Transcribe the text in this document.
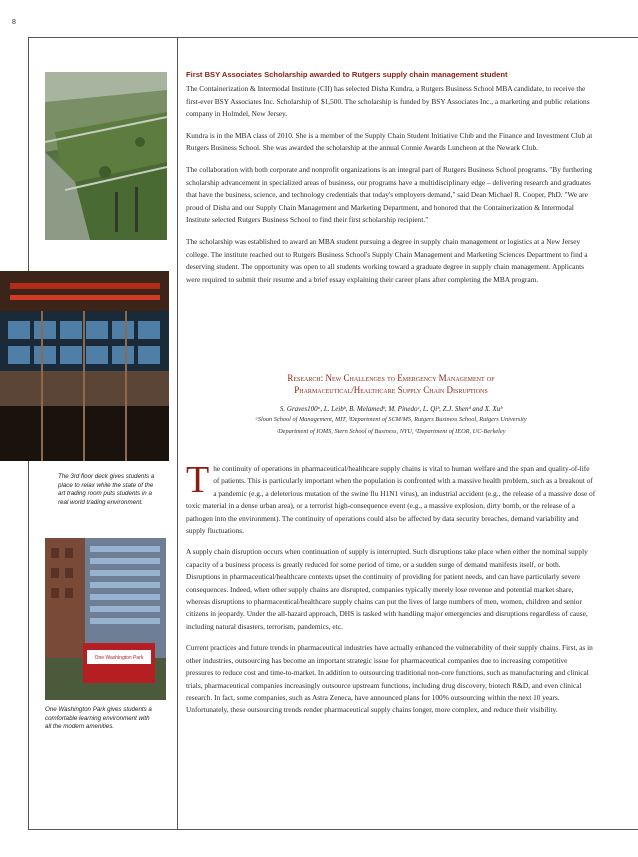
8
The 3rd floor deck gives students a place to relax while the state of the art trading room puts students in a real world trading environment.
One Washington Park
One Washington Park gives students a comfortable learning environment with all the modern amenities.

First BSY Associates Scholarship awarded to Rutgers supply chain management student

The Containerization & Intermodal Institute (CII) has selected Disha Kundra, a Rutgers Business School MBA candidate, to receive the first-ever BSY Associates Inc. Scholarship of $1,500. The scholarship is funded by BSY Associates Inc., a marketing and public relations company in Holmdel, New Jersey.

Kundra is in the MBA class of 2010. She is a member of the Supply Chain Student Initiative Club and the Finance and Investment Club at Rutgers Business School. She was awarded the scholarship at the annual Connie Awards Luncheon at the Newark Club.

The collaboration with both corporate and nonprofit organizations is an integral part of Rutgers Business School programs. "By furthering scholarship advancement in specialized areas of business, our programs have a multidisciplinary edge – delivering research and graduates that have the business, science, and technology credentials that today's employers demand," said Dean Michael R. Cooper, PhD. "We are proud of Disha and our Supply Chain Management and Marketing Department, and honored that the Containerization & Intermodal Institute selected Rutgers Business School to find their first scholarship recipient."

The scholarship was established to award an MBA student pursuing a degree in supply chain management or logistics at a New Jersey college. The institute reached out to Rutgers Business School's Supply Chain Management and Marketing Sciences Department to find a deserving student. The opportunity was open to all students working toward a graduate degree in supply chain management. Applicants were required to submit their resume and a brief essay explaining their career plans after completing the MBA program.

Research: New Challenges to Emergency Management of

Pharmaceutical/Healthcare Supply Chain Disruptions

S. Graves100ᵃ, L. Leibᵇ, B. Melamedᵇ, M. Pinedoᶜ, L. Qiᵇ, Z.J. Shenᵈ and X. Xuᵇ

ᵃSloan School of Management, MIT, ᵇDepartment of SCM/MS, Rutgers Business School, Rutgers University

ᶜDepartment of IOMS, Stern School of Business, NYU, ᵈDepartment of IEOR, UC-Berkeley

The continuity of operations in pharmaceutical/healthcare supply chains is vital to human welfare and the span and quality-of-life of patients. This is particularly important when the population is confronted with a massive health problem, such as a breakout of a pandemic (e.g., a deleterious mutation of the swine flu H1N1 virus), an industrial accident (e.g., the release of a massive dose of toxic material in a dense urban area), or a terrorist high-consequence event (e.g., a massive explosion, dirty bomb, or the release of a pathogen into the environment). The continuity of operations could also be affected by data security breaches, demand variability and supply fluctuations.

A supply chain disruption occurs when continuation of supply is interrupted. Such disruptions take place when either the nominal supply capacity of a business process is greatly reduced for some period of time, or a sudden surge of demand manifests itself, or both. Disruptions in pharmaceutical/healthcare contexts upset the continuity of providing for patient needs, and can have particularly severe consequences. Indeed, when other supply chains are disrupted, companies typically merely lose revenue and potential market share, whereas disruptions to pharmaceutical/healthcare supply chains can put the lives of large numbers of men, women, children and senior citizens in jeopardy. Under the all-hazard approach, DHS is tasked with handling major emergencies and disruptions regardless of cause, including natural disasters, terrorism, pandemics, etc.

Current practices and future trends in pharmaceutical industries have actually enhanced the vulnerability of their supply chains. First, as in other industries, outsourcing has become an important strategic issue for pharmaceutical companies due to increasing competitive pressures to reduce cost and time-to-market. In addition to outsourcing traditional non-core functions, such as manufacturing and clinical trials, pharmaceutical companies increasingly outsource upstream functions, including drug discovery, biotech R&D, and even clinical research. In fact, some companies, such as Astra Zeneca, have announced plans for 100% outsourcing within the next 10 years. Unfortunately, these outsourcing trends render pharmaceutical supply chains longer, more complex, and reduce their visibility.
